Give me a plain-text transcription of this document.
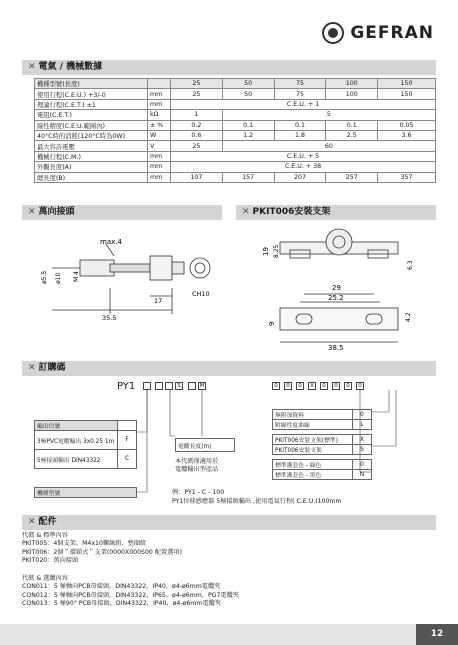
GEFRAN
✕ 電氣 / 機械數據
機種型號(長度)		25	50	75	100	150
使用行程(C.E.U.) +3/-0	mm	25	50	75	100	150
理論行程(C.E.T.) ±1	mm	C.E.U. + 1				
電阻(C.E.T.)	kΩ	1	5			
線性精度(C.E.U.範圍內)	± %	0.2	0.1	0.1	0.1	0.05
40°C時的消耗(120°C時為0W)	W	0.6	1.2	1.8	2.5	3.6
最大容許電壓	V	25	60			
機械行程(C.M.)	mm	C.E.U. + 5				
外觀長度(A)	mm	C.E.U. + 38				
總長度(B)	mm	107	157	207	257	357
✕ 萬向接頭	✕ PKIT006安裝支架
max.4
ø5.5 ø10 M 4
CH10
17
35.5
19 8.25
6.3
29
25.2
9
4.2
38.5
✕ 訂購碼
PY1	S	M	0	0	0	X	0	0	0	0
輸出信號	
3極PVC電纜輸出 3x0.25 1m	F
5極接頭輸出 DIN43322	C
機種型號
電纜長度(m)
本代碼僅適用於
電纜輸出型產品
無附加資料	0
附線性度曲線	L

PKIT006安裝支架(標準)	X
PKIT006安裝支架	S

標準護套色 - 綠色	0
標準護套色 - 黑色	N
例：PY1 - C - 100
PY1位移感應器 5極接頭輸出 ,使用電氣行程( C.E.U.)100mm
✕ 配件
代碼 & 標準內容
PKIT005：4個支架、M4x10螺絲組、墊圈組
PKIT006：2個＂環鎖式＂支架(0000X000S00 配置選項)
PKIT020：萬向接頭
代碼 & 選購內容
CON011：5 極軸向PCB母接頭，DIN43322，IP40，ø4-ø6mm電纜夾
CON012：5 極軸向PCB母接頭，DIN43322，IP65，ø4-ø6mm，PG7電纜夾
CON013：5 極90° PCB母接頭，DIN43322，IP40，ø4-ø6mm電纜夾
12
